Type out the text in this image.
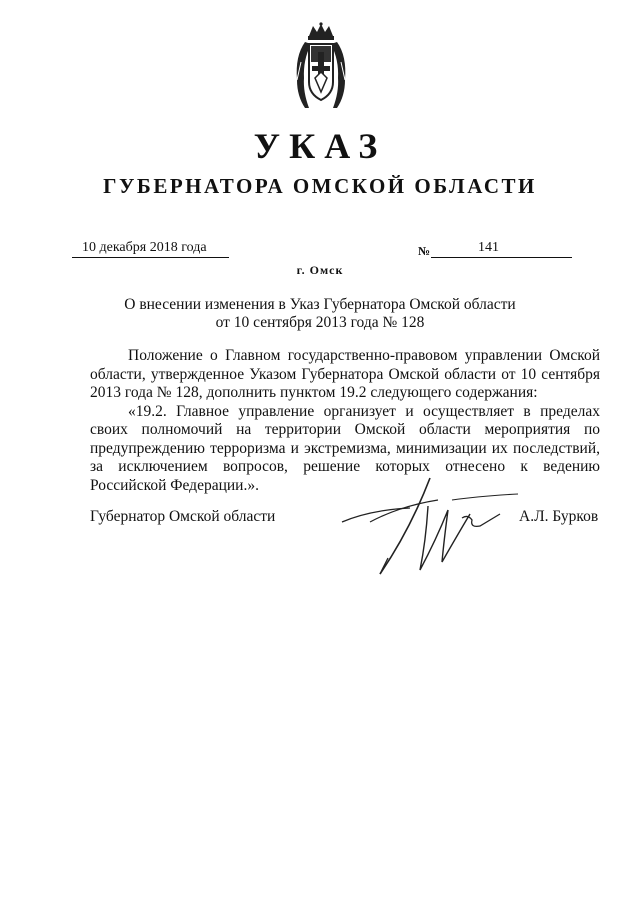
УКАЗ
ГУБЕРНАТОРА ОМСКОЙ ОБЛАСТИ
10 декабря 2018 года	№	141
г. Омск
О внесении изменения в Указ Губернатора Омской области
от 10 сентября 2013 года № 128

Положение о Главном государственно-правовом управлении Омской области, утвержденное Указом Губернатора Омской области от 10 сентября 2013 года № 128, дополнить пунктом 19.2 следующего содержания:

«19.2. Главное управление организует и осуществляет в пределах своих полномочий на территории Омской области мероприятия по предупреждению терроризма и экстремизма, минимизации их последствий, за исключением вопросов, решение которых отнесено к ведению Российской Федерации.».

Губернатор Омской области	А.Л. Бурков
